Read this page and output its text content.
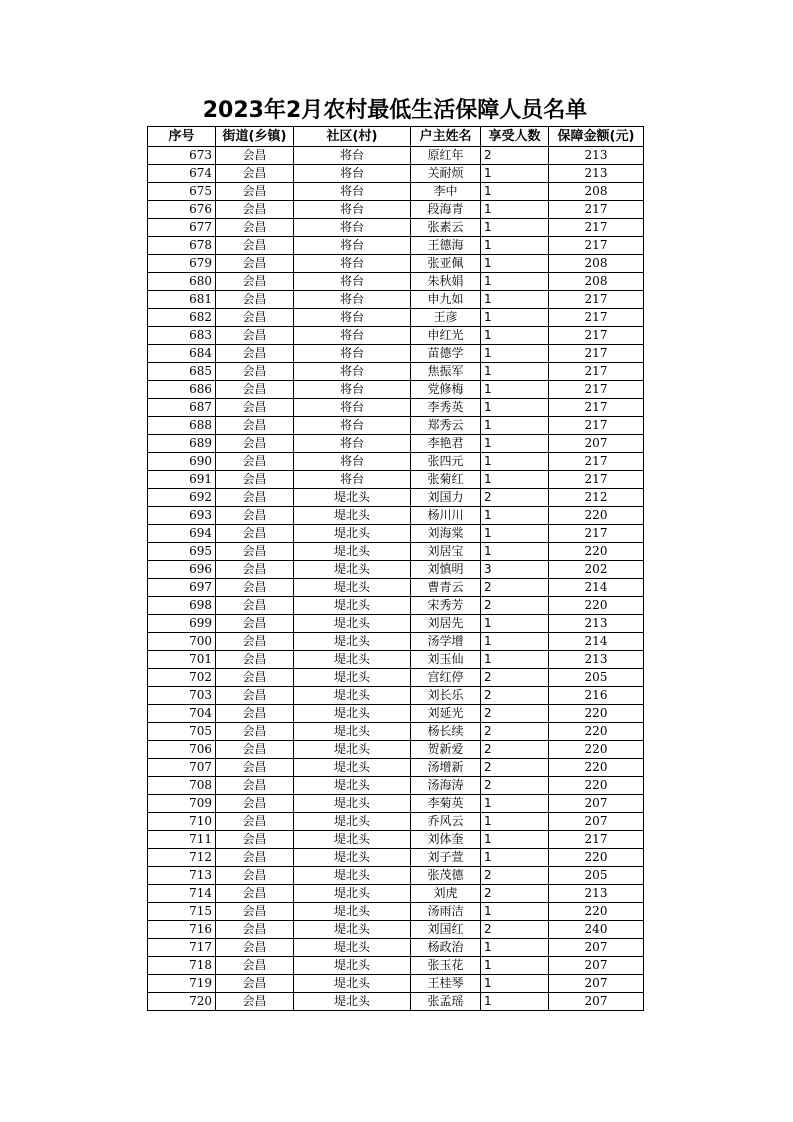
2023年2月农村最低生活保障人员名单
序号	街道(乡镇)	社区(村)	户主姓名	享受人数	保障金额(元)
673	会昌	将台	原红年	2	213
674	会昌	将台	关耐烦	1	213
675	会昌	将台	李中	1	208
676	会昌	将台	段海青	1	217
677	会昌	将台	张素云	1	217
678	会昌	将台	王德海	1	217
679	会昌	将台	张亚佩	1	208
680	会昌	将台	朱秋娟	1	208
681	会昌	将台	申九如	1	217
682	会昌	将台	王彦	1	217
683	会昌	将台	申红光	1	217
684	会昌	将台	苗德学	1	217
685	会昌	将台	焦振军	1	217
686	会昌	将台	党修梅	1	217
687	会昌	将台	李秀英	1	217
688	会昌	将台	郑秀云	1	217
689	会昌	将台	李艳君	1	207
690	会昌	将台	张四元	1	217
691	会昌	将台	张菊红	1	217
692	会昌	堤北头	刘国力	2	212
693	会昌	堤北头	杨川川	1	220
694	会昌	堤北头	刘海棠	1	217
695	会昌	堤北头	刘居宝	1	220
696	会昌	堤北头	刘慎明	3	202
697	会昌	堤北头	曹青云	2	214
698	会昌	堤北头	宋秀芳	2	220
699	会昌	堤北头	刘居先	1	213
700	会昌	堤北头	汤学增	1	214
701	会昌	堤北头	刘玉仙	1	213
702	会昌	堤北头	宫红停	2	205
703	会昌	堤北头	刘长乐	2	216
704	会昌	堤北头	刘延光	2	220
705	会昌	堤北头	杨长续	2	220
706	会昌	堤北头	贺新爱	2	220
707	会昌	堤北头	汤增新	2	220
708	会昌	堤北头	汤海涛	2	220
709	会昌	堤北头	李菊英	1	207
710	会昌	堤北头	乔风云	1	207
711	会昌	堤北头	刘体奎	1	217
712	会昌	堤北头	刘子萱	1	220
713	会昌	堤北头	张茂德	2	205
714	会昌	堤北头	刘虎	2	213
715	会昌	堤北头	汤雨洁	1	220
716	会昌	堤北头	刘国红	2	240
717	会昌	堤北头	杨政治	1	207
718	会昌	堤北头	张玉花	1	207
719	会昌	堤北头	王桂琴	1	207
720	会昌	堤北头	张孟瑶	1	207
